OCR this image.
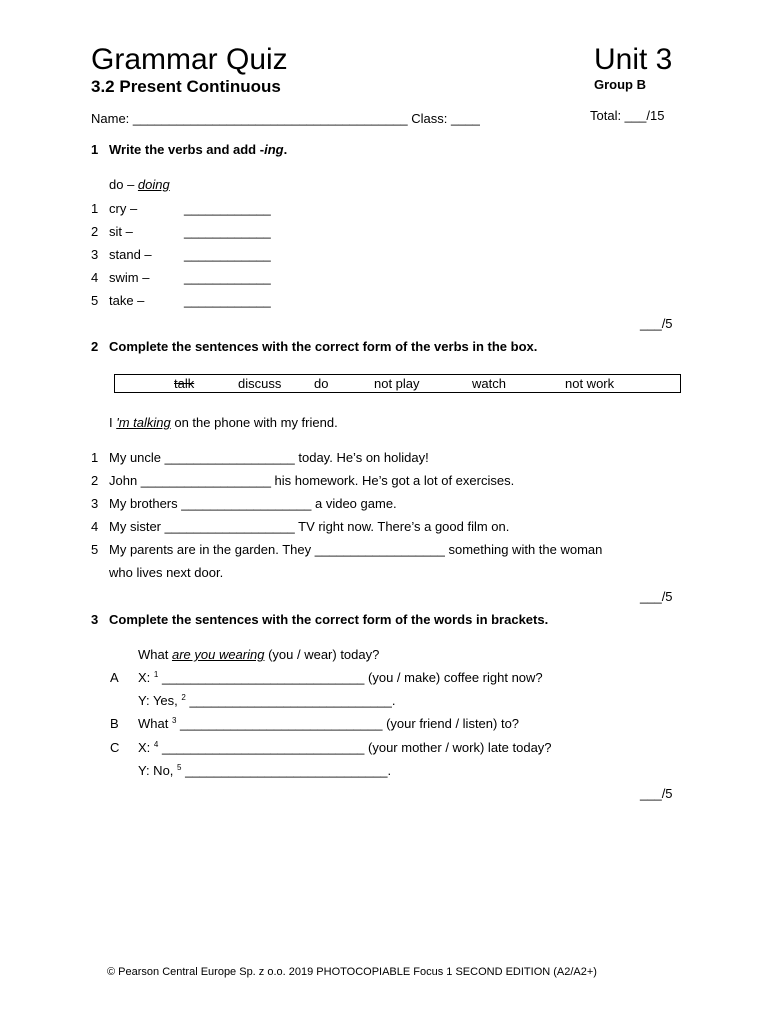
Grammar Quiz	Unit 3
3.2 Present Continuous	Group B
Name: ______________________________________ Class: ____	Total: ___/15
1 Write the verbs and add -ing.
do – doing
1 cry –	____________
2 sit –	____________
3 stand – ____________
4 swim –	____________
5 take –	____________
___/5
2 Complete the sentences with the correct form of the verbs in the box.
talk	discuss	do	not play	watch	not work
I 'm talking on the phone with my friend.
1 My uncle __________________ today. He’s on holiday!
2 John __________________ his homework. He’s got a lot of exercises.
3 My brothers __________________ a video game.
4 My sister __________________ TV right now. There’s a good film on.
5 My parents are in the garden. They __________________ something with the woman
who lives next door.
___/5
3 Complete the sentences with the correct form of the words in brackets.
What are you wearing (you / wear) today?
A X: $^1$ ____________________________ (you / make) coffee right now?
Y: Yes, $^2$ ____________________________.
B What $^3$ ____________________________ (your friend / listen) to?
C X: $^4$ ____________________________ (your mother / work) late today?
Y: No, $^5$ ____________________________.
___/5
© Pearson Central Europe Sp. z o.o. 2019 PHOTOCOPIABLE Focus 1 SECOND EDITION (A2/A2+)
